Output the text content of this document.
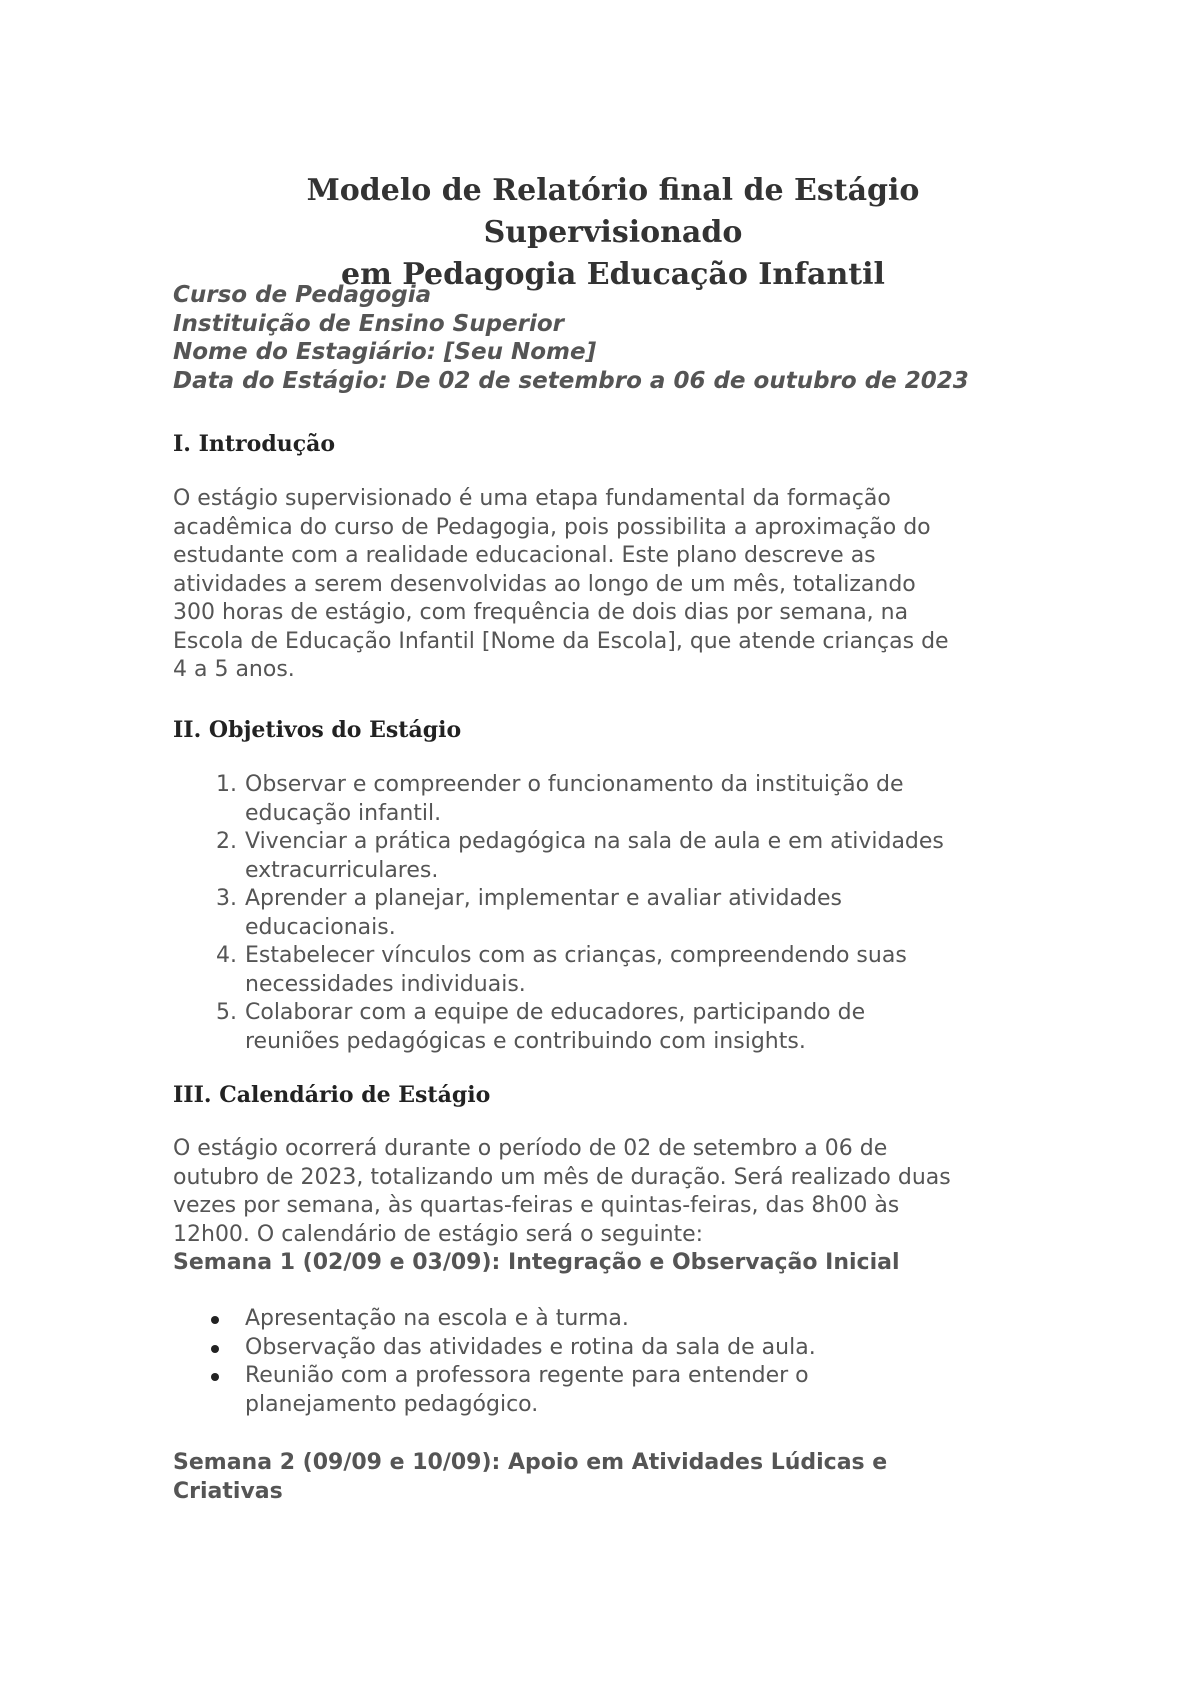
Modelo de Relatório final de Estágio Supervisionado
em Pedagogia Educação Infantil
Curso de Pedagogia
Instituição de Ensino Superior
Nome do Estagiário: [Seu Nome]
Data do Estágio: De 02 de setembro a 06 de outubro de 2023
I. Introdução
O estágio supervisionado é uma etapa fundamental da formação
acadêmica do curso de Pedagogia, pois possibilita a aproximação do
estudante com a realidade educacional. Este plano descreve as
atividades a serem desenvolvidas ao longo de um mês, totalizando
300 horas de estágio, com frequência de dois dias por semana, na
Escola de Educação Infantil [Nome da Escola], que atende crianças de
4 a 5 anos.
II. Objetivos do Estágio
1. Observar e compreender o funcionamento da instituição de
educação infantil.
2. Vivenciar a prática pedagógica na sala de aula e em atividades
extracurriculares.
3. Aprender a planejar, implementar e avaliar atividades
educacionais.
4. Estabelecer vínculos com as crianças, compreendendo suas
necessidades individuais.
5. Colaborar com a equipe de educadores, participando de
reuniões pedagógicas e contribuindo com insights.
III. Calendário de Estágio
O estágio ocorrerá durante o período de 02 de setembro a 06 de
outubro de 2023, totalizando um mês de duração. Será realizado duas
vezes por semana, às quartas-feiras e quintas-feiras, das 8h00 às
12h00. O calendário de estágio será o seguinte:
Semana 1 (02/09 e 03/09): Integração e Observação Inicial
Apresentação na escola e à turma.
Observação das atividades e rotina da sala de aula.
Reunião com a professora regente para entender o
planejamento pedagógico.
Semana 2 (09/09 e 10/09): Apoio em Atividades Lúdicas e
Criativas
